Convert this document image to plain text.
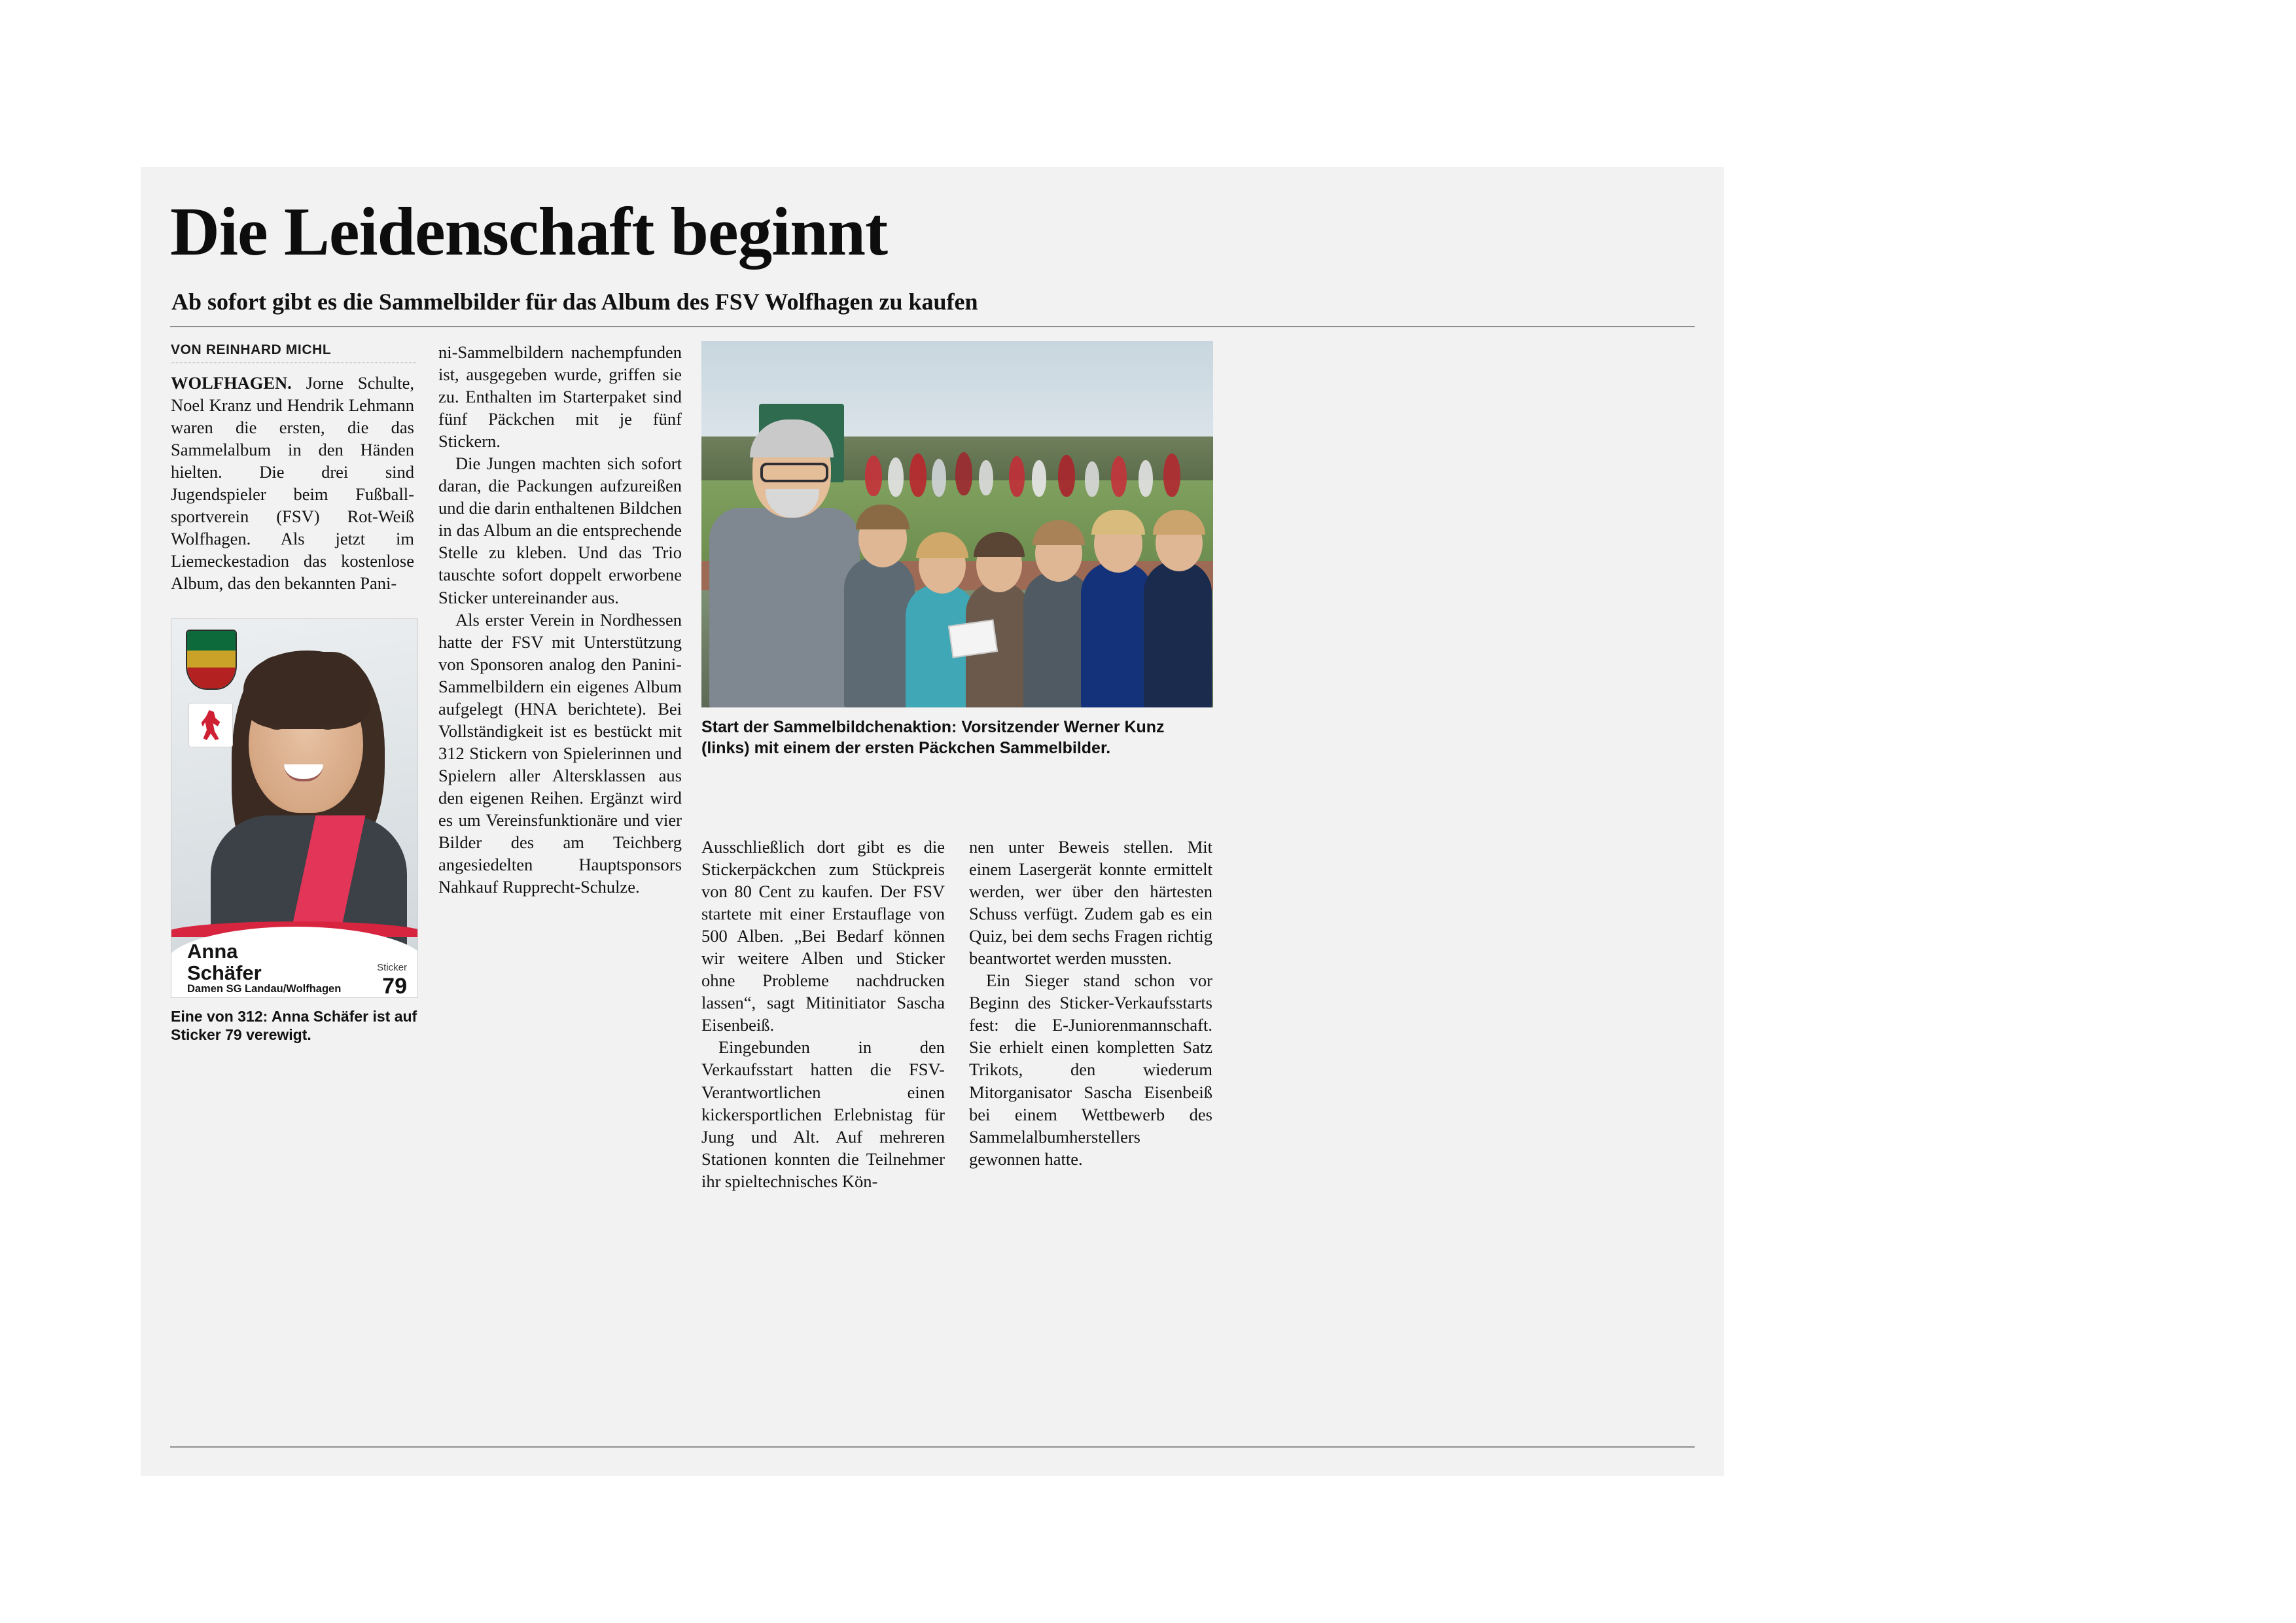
Die Leidenschaft beginnt
Ab sofort gibt es die Sammelbilder für das Album des FSV Wolfhagen zu kaufen
VON REINHARD MICHL

WOLFHAGEN. Jorne Schulte, Noel Kranz und Hendrik Lehmann waren die ersten, die das Sammelalbum in den Händen hielten. Die drei sind Jugendspieler beim Fußball-sportverein (FSV) Rot-Weiß Wolfhagen. Als jetzt im Liemeckestadion das kostenlose Album, das den bekannten Pani-

ni-Sammelbildern nachempfunden ist, ausgegeben wurde, griffen sie zu. Enthalten im Starterpaket sind fünf Päckchen mit je fünf Stickern.

Die Jungen machten sich sofort daran, die Packungen aufzureißen und die darin enthaltenen Bildchen in das Album an die entsprechende Stelle zu kleben. Und das Trio tauschte sofort doppelt erworbene Sticker untereinander aus.

Als erster Verein in Nordhessen hatte der FSV mit Unterstützung von Sponsoren analog den Panini-Sammelbildern ein eigenes Album aufgelegt (HNA berichtete). Bei Vollständigkeit ist es bestückt mit 312 Stickern von Spielerinnen und Spielern aller Altersklassen aus den eigenen Reihen. Ergänzt wird es um Vereinsfunktionäre und vier Bilder des am Teichberg angesiedelten Hauptsponsors Nahkauf Rupprecht-Schulze.

Ausschließlich dort gibt es die Stickerpäckchen zum Stückpreis von 80 Cent zu kaufen. Der FSV startete mit einer Erstauflage von 500 Alben. „Bei Bedarf können wir weitere Alben und Sticker ohne Probleme nachdrucken lassen“, sagt Mitinitiator Sascha Eisenbeiß.

Eingebunden in den Verkaufsstart hatten die FSV-Verantwortlichen einen kickersportlichen Erlebnistag für Jung und Alt. Auf mehreren Stationen konnten die Teilnehmer ihr spieltechnisches Kön-

nen unter Beweis stellen. Mit einem Lasergerät konnte ermittelt werden, wer über den härtesten Schuss verfügt. Zudem gab es ein Quiz, bei dem sechs Fragen richtig beantwortet werden mussten.

Ein Sieger stand schon vor Beginn des Sticker-Verkaufsstarts fest: die E-Juniorenmannschaft. Sie erhielt einen kompletten Satz Trikots, den wiederum Mitorganisator Sascha Eisenbeiß bei einem Wettbewerb des Sammelalbumherstellers gewonnen hatte.

Start der Sammelbildchenaktion: Vorsitzender Werner Kunz (links) mit einem der ersten Päckchen Sammelbilder.
Anna
Schäfer
Damen SG Landau/Wolfhagen
Sticker
79
Eine von 312: Anna Schäfer ist auf Sticker 79 verewigt.
